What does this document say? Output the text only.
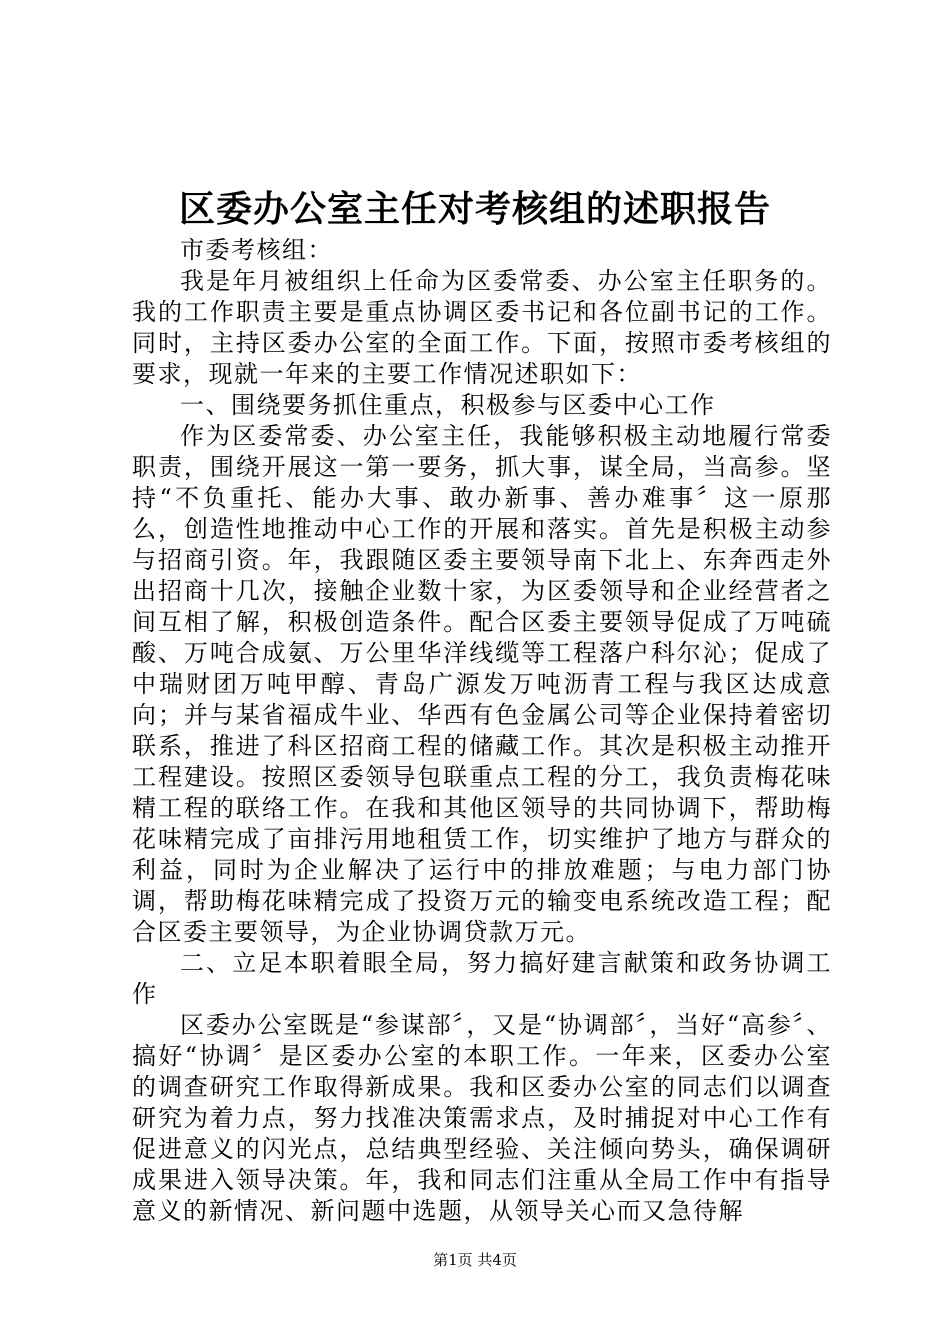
区委办公室主任对考核组的述职报告

市委考核组：

我是年月被组织上任命为区委常委、办公室主任职务的。我的工作职责主要是重点协调区委书记和各位副书记的工作。同时，主持区委办公室的全面工作。下面，按照市委考核组的要求，现就一年来的主要工作情况述职如下：

一、围绕要务抓住重点，积极参与区委中心工作

作为区委常委、办公室主任，我能够积极主动地履行常委职责，围绕开展这一第一要务，抓大事，谋全局，当高参。坚持“不负重托、能办大事、敢办新事、善办难事〞这一原那么，创造性地推动中心工作的开展和落实。首先是积极主动参与招商引资。年，我跟随区委主要领导南下北上、东奔西走外出招商十几次，接触企业数十家，为区委领导和企业经营者之间互相了解，积极创造条件。配合区委主要领导促成了万吨硫酸、万吨合成氨、万公里华洋线缆等工程落户科尔沁；促成了中瑞财团万吨甲醇、青岛广源发万吨沥青工程与我区达成意向；并与某省福成牛业、华西有色金属公司等企业保持着密切联系，推进了科区招商工程的储藏工作。其次是积极主动推开工程建设。按照区委领导包联重点工程的分工，我负责梅花味精工程的联络工作。在我和其他区领导的共同协调下，帮助梅花味精完成了亩排污用地租赁工作，切实维护了地方与群众的利益，同时为企业解决了运行中的排放难题；与电力部门协调，帮助梅花味精完成了投资万元的输变电系统改造工程；配合区委主要领导，为企业协调贷款万元。

二、立足本职着眼全局，努力搞好建言献策和政务协调工作

区委办公室既是“参谋部〞，又是“协调部〞，当好“高参〞、搞好“协调〞是区委办公室的本职工作。一年来，区委办公室的调查研究工作取得新成果。我和区委办公室的同志们以调查研究为着力点，努力找准决策需求点，及时捕捉对中心工作有促进意义的闪光点，总结典型经验、关注倾向势头，确保调研成果进入领导决策。年，我和同志们注重从全局工作中有指导意义的新情况、新问题中选题，从领导关心而又急待解

第1页 共4页
